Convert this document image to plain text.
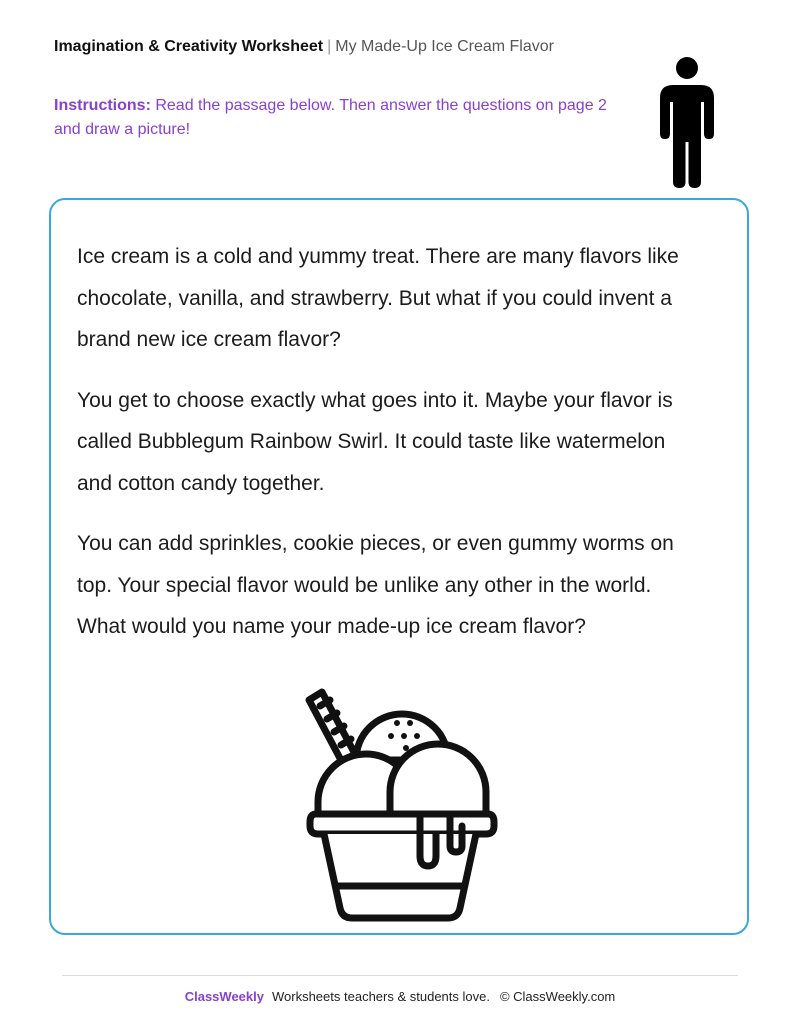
Imagination & Creativity Worksheet | My Made-Up Ice Cream Flavor
Instructions: Read the passage below. Then answer the questions on page 2 and draw a picture!

Ice cream is a cold and yummy treat. There are many flavors like chocolate, vanilla, and strawberry. But what if you could invent a brand new ice cream flavor?

You get to choose exactly what goes into it. Maybe your flavor is called Bubblegum Rainbow Swirl. It could taste like watermelon and cotton candy together.

You can add sprinkles, cookie pieces, or even gummy worms on top. Your special flavor would be unlike any other in the world. What would you name your made-up ice cream flavor?

ClassWeekly Worksheets teachers & students love. © ClassWeekly.com
